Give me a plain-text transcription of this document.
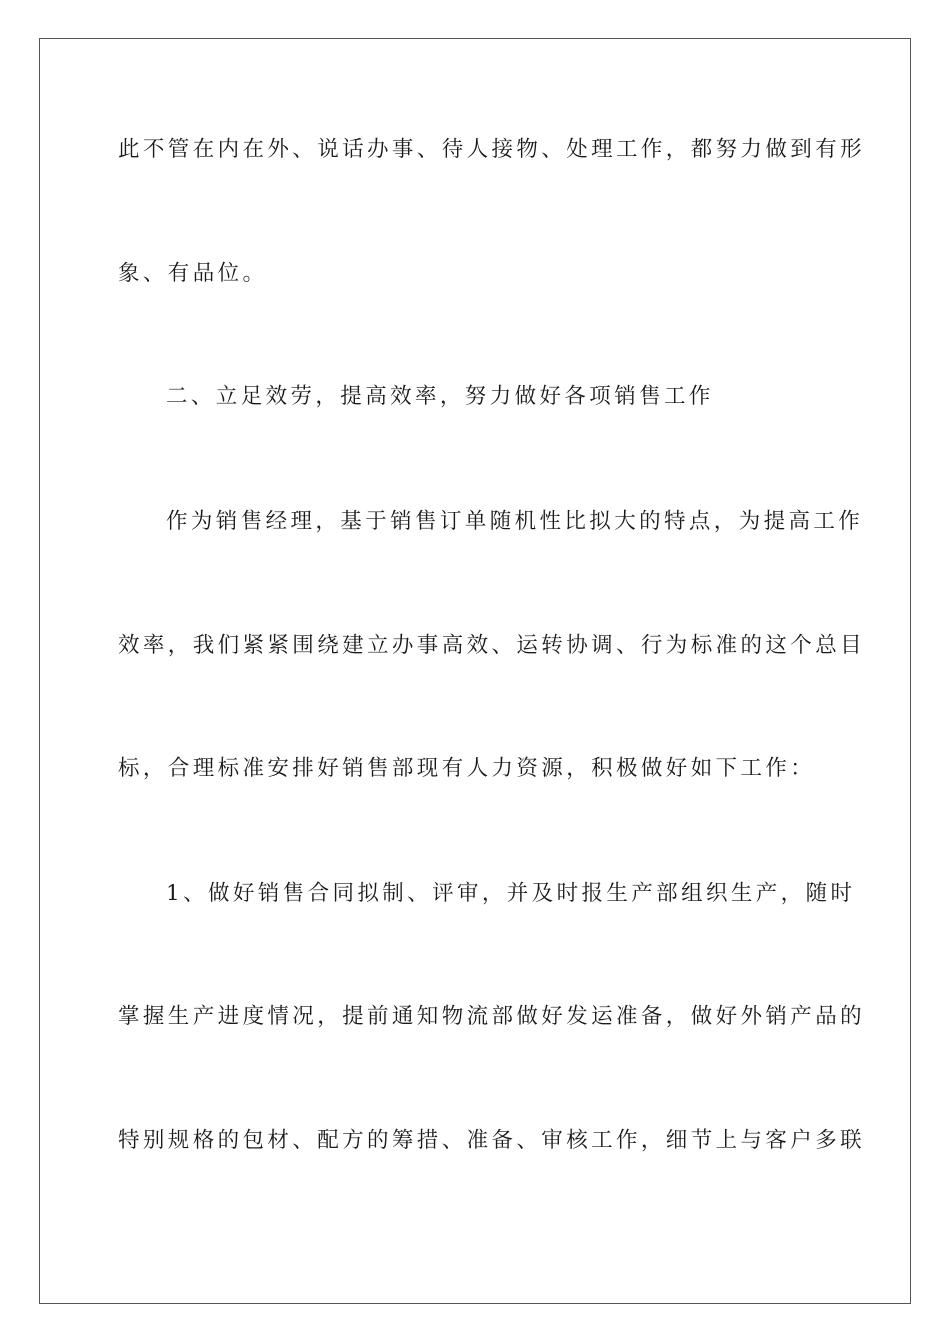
此不管在内在外、说话办事、待人接物、处理工作，都努力做到有形
象、有品位。
二、立足效劳，提高效率，努力做好各项销售工作
作为销售经理，基于销售订单随机性比拟大的特点，为提高工作
效率，我们紧紧围绕建立办事高效、运转协调、行为标准的这个总目
标，合理标准安排好销售部现有人力资源，积极做好如下工作：
1、做好销售合同拟制、评审，并及时报生产部组织生产，随时
掌握生产进度情况，提前通知物流部做好发运准备，做好外销产品的
特别规格的包材、配方的筹措、准备、审核工作，细节上与客户多联
